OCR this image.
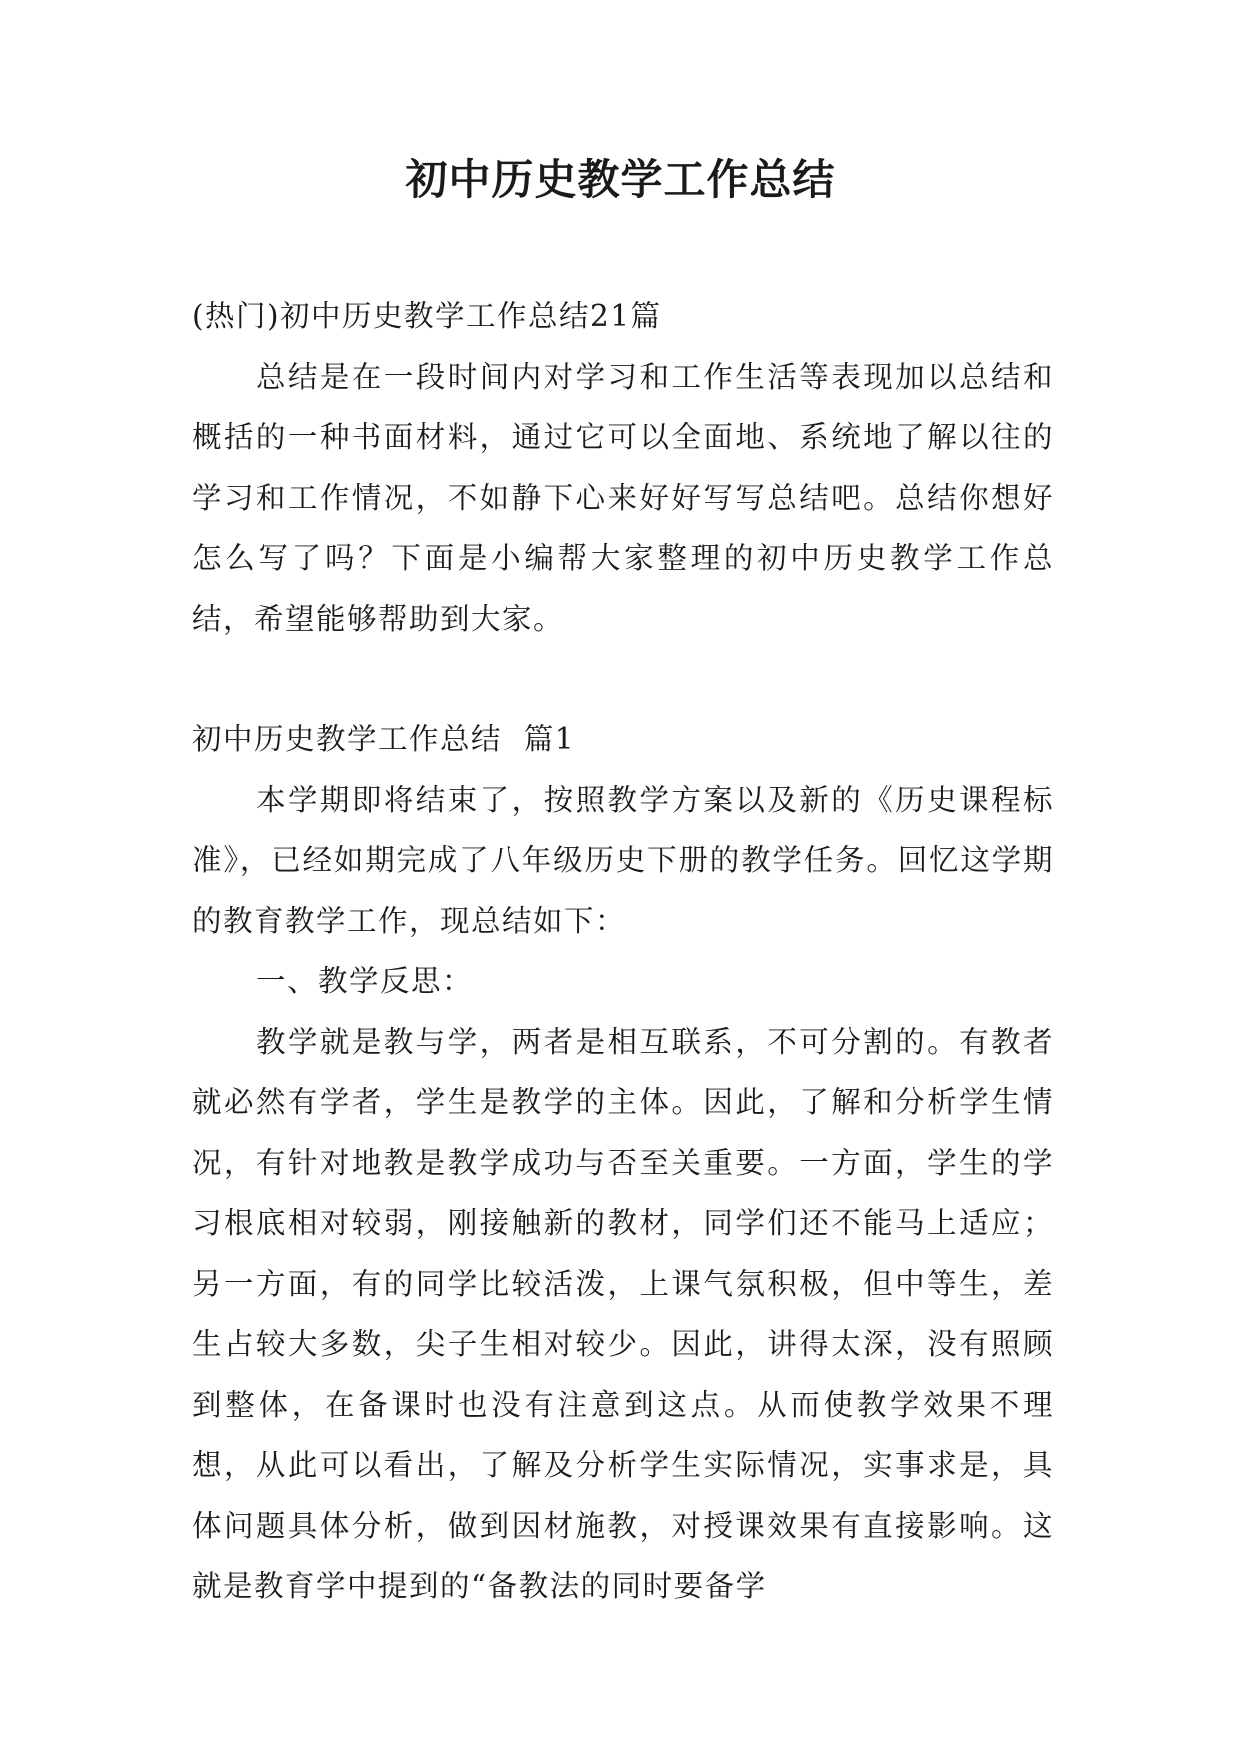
初中历史教学工作总结

(热门)初中历史教学工作总结21篇

总结是在一段时间内对学习和工作生活等表现加以总结和概括的一种书面材料，通过它可以全面地、系统地了解以往的学习和工作情况，不如静下心来好好写写总结吧。总结你想好怎么写了吗？下面是小编帮大家整理的初中历史教学工作总结，希望能够帮助到大家。

初中历史教学工作总结  篇1

本学期即将结束了，按照教学方案以及新的《历史课程标准》，已经如期完成了八年级历史下册的教学任务。回忆这学期的教育教学工作，现总结如下：

一、教学反思：

教学就是教与学，两者是相互联系，不可分割的。有教者就必然有学者，学生是教学的主体。因此，了解和分析学生情况，有针对地教是教学成功与否至关重要。一方面，学生的学习根底相对较弱，刚接触新的教材，同学们还不能马上适应；另一方面，有的同学比较活泼，上课气氛积极，但中等生，差生占较大多数，尖子生相对较少。因此，讲得太深，没有照顾到整体，在备课时也没有注意到这点。从而使教学效果不理想，从此可以看出，了解及分析学生实际情况，实事求是，具体问题具体分析，做到因材施教，对授课效果有直接影响。这就是教育学中提到的“备教法的同时要备学
